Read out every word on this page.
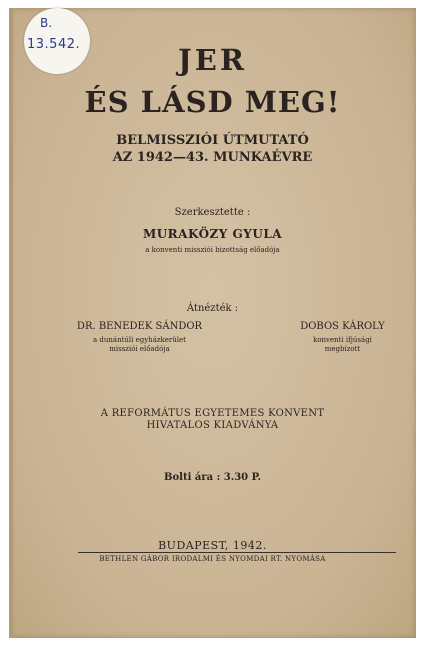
B.
13.542.	JER
ÉS LÁSD MEG!
BELMISSZIÓI ÚTMUTATÓ
AZ 1942—43. MUNKAÉVRE
Szerkesztette :
MURAKÖZY GYULA
a konventi missziói bizottság előadója
Átnézték :
DR. BENEDEK SÁNDOR
a dunántúli egyházkerület
missziói előadója
DOBOS KÁROLY
konventi ifjúsági
megbízott
A REFORMÁTUS EGYETEMES KONVENT
HIVATALOS KIADVÁNYA
Bolti ára : 3.30 P.
BUDAPEST, 1942.
BETHLEN GÁBOR IRODALMI ÉS NYOMDAI RT. NYOMÁSA
